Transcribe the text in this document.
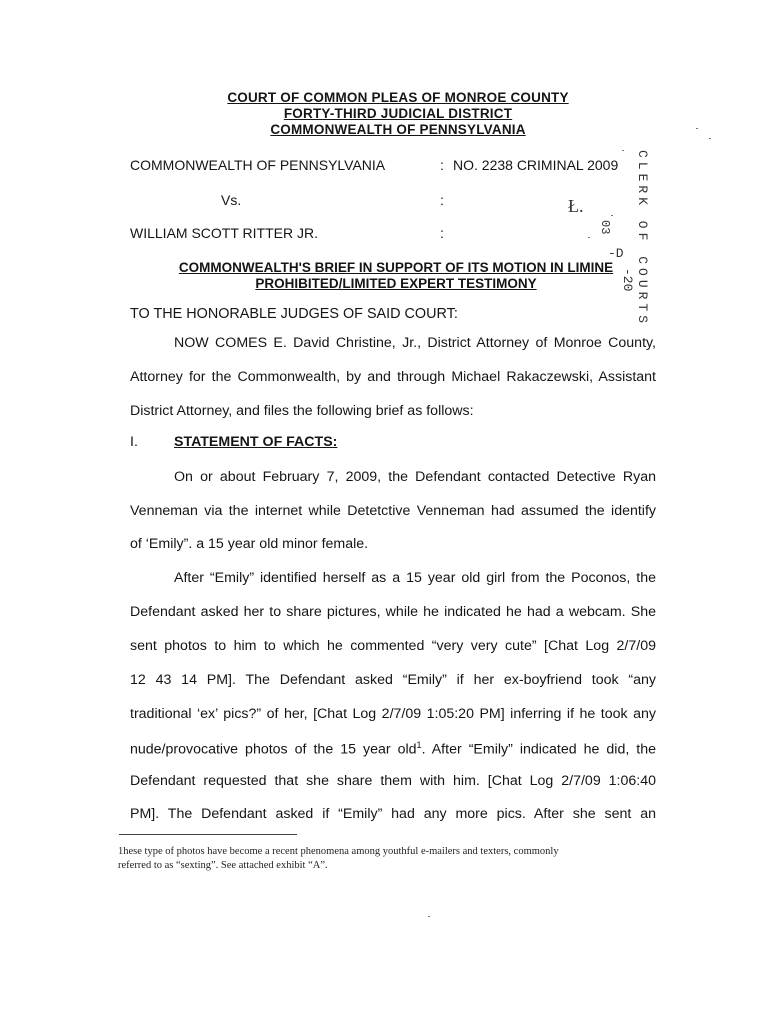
COURT OF COMMON PLEAS OF MONROE COUNTY
FORTY-THIRD JUDICIAL DISTRICT
COMMONWEALTH OF PENNSYLVANIA
COMMONWEALTH OF PENNSYLVANIA	: NO. 2238 CRIMINAL 2009
Vs.	:
WILLIAM SCOTT RITTER JR.	:
COMMONWEALTH'S BRIEF IN SUPPORT OF ITS MOTION IN LIMINE
PROHIBITED/LIMITED EXPERT TESTIMONY
TO THE HONORABLE JUDGES OF SAID COURT:
NOW COMES E. David Christine, Jr., District Attorney of Monroe County,
Attorney for the Commonwealth, by and through Michael Rakaczewski, Assistant
District Attorney, and files the following brief as follows:
I.	STATEMENT OF FACTS:
On or about February 7, 2009, the Defendant contacted Detective Ryan
Venneman via the internet while Detetctive Venneman had assumed the identify
of ‘Emily”. a 15 year old minor female.
After “Emily” identified herself as a 15 year old girl from the Poconos, the
Defendant asked her to share pictures, while he indicated he had a webcam. She
sent photos to him to which he commented “very very cute” [Chat Log 2/7/09
12 43 14 PM]. The Defendant asked “Emily” if her ex-boyfriend took “any
traditional ‘ex’ pics?” of her, [Chat Log 2/7/09 1:05:20 PM] inferring if he took any
nude/provocative photos of the 15 year old$^1$. After “Emily” indicated he did, the
Defendant requested that she share them with him. [Chat Log 2/7/09 1:06:40
PM]. The Defendant asked if “Emily” had any more pics. After she sent an
1hese type of photos have become a recent phenomena among youthful e-mailers and texters, commonly
referred to as “sexting”. See attached exhibit “A”.
CLERK OF COURTS
Ł.
03
-D
-20
